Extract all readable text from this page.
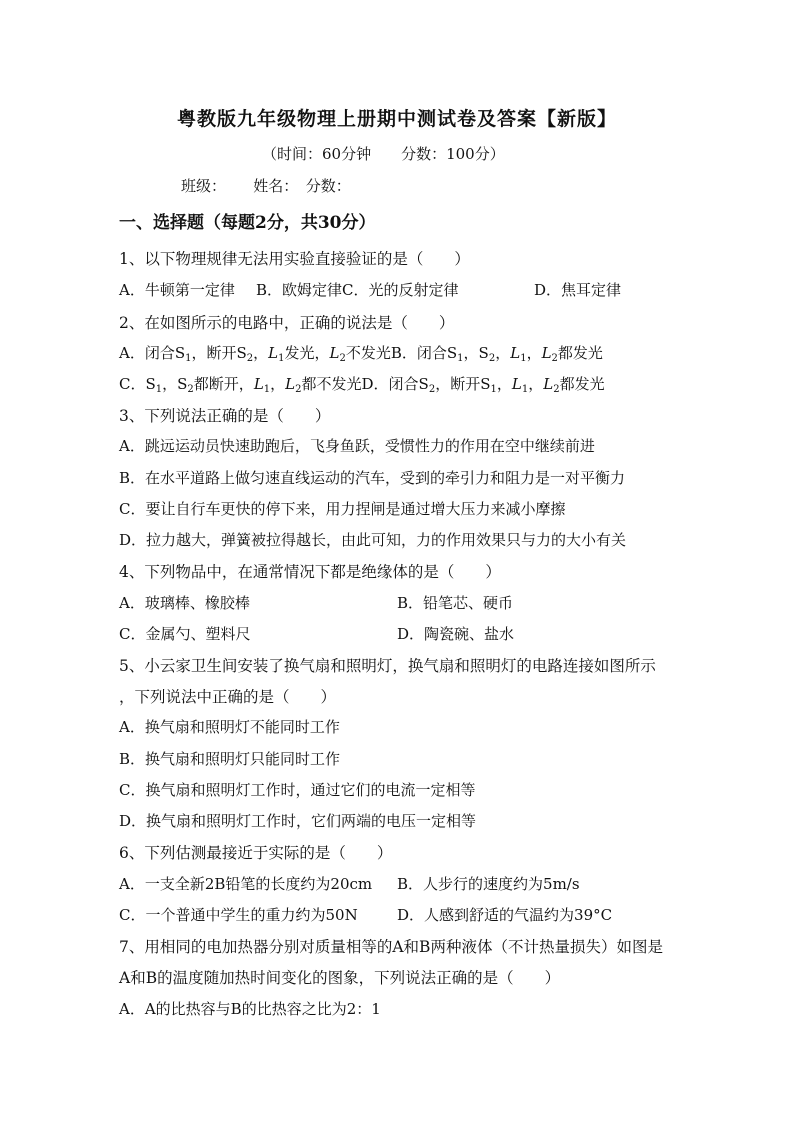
粤教版九年级物理上册期中测试卷及答案【新版】
（时间：60分钟　　分数：100分）
班级：　　 姓名：　分数：
一、选择题（每题2分，共30分）
1、以下物理规律无法用实验直接验证的是（　　）
A．牛顿第一定律 B．欧姆定律C．光的反射定律	D．焦耳定律
2、在如图所示的电路中，正确的说法是（　　）
A．闭合$S_1$，断开$S_2$，$L_1$发光，$L_2$不发光B．闭合$S_1$，$S_2$，$L_1$，$L_2$都发光
C．$S_1$，$S_2$都断开，$L_1$，$L_2$都不发光D．闭合$S_2$，断开$S_1$，$L_1$，$L_2$都发光
3、下列说法正确的是（　　）
A．跳远运动员快速助跑后，飞身鱼跃，受惯性力的作用在空中继续前进
B．在水平道路上做匀速直线运动的汽车，受到的牵引力和阻力是一对平衡力
C．要让自行车更快的停下来，用力捏闸是通过增大压力来减小摩擦
D．拉力越大，弹簧被拉得越长，由此可知，力的作用效果只与力的大小有关
4、下列物品中，在通常情况下都是绝缘体的是（　　）
A．玻璃棒、橡胶棒	B．铅笔芯、硬币
C．金属勺、塑料尺	D．陶瓷碗、盐水
5、小云家卫生间安装了换气扇和照明灯，换气扇和照明灯的电路连接如图所示
，下列说法中正确的是（　　）
A．换气扇和照明灯不能同时工作
B．换气扇和照明灯只能同时工作
C．换气扇和照明灯工作时，通过它们的电流一定相等
D．换气扇和照明灯工作时，它们两端的电压一定相等
6、下列估测最接近于实际的是（　　）
A．一支全新2B铅笔的长度约为20cm B．人步行的速度约为5m/s
C．一个普通中学生的重力约为50N	D．人感到舒适的气温约为39°C
7、用相同的电加热器分别对质量相等的A和B两种液体（不计热量损失）如图是
A和B的温度随加热时间变化的图象，下列说法正确的是（　　）
A．A的比热容与B的比热容之比为2：1
